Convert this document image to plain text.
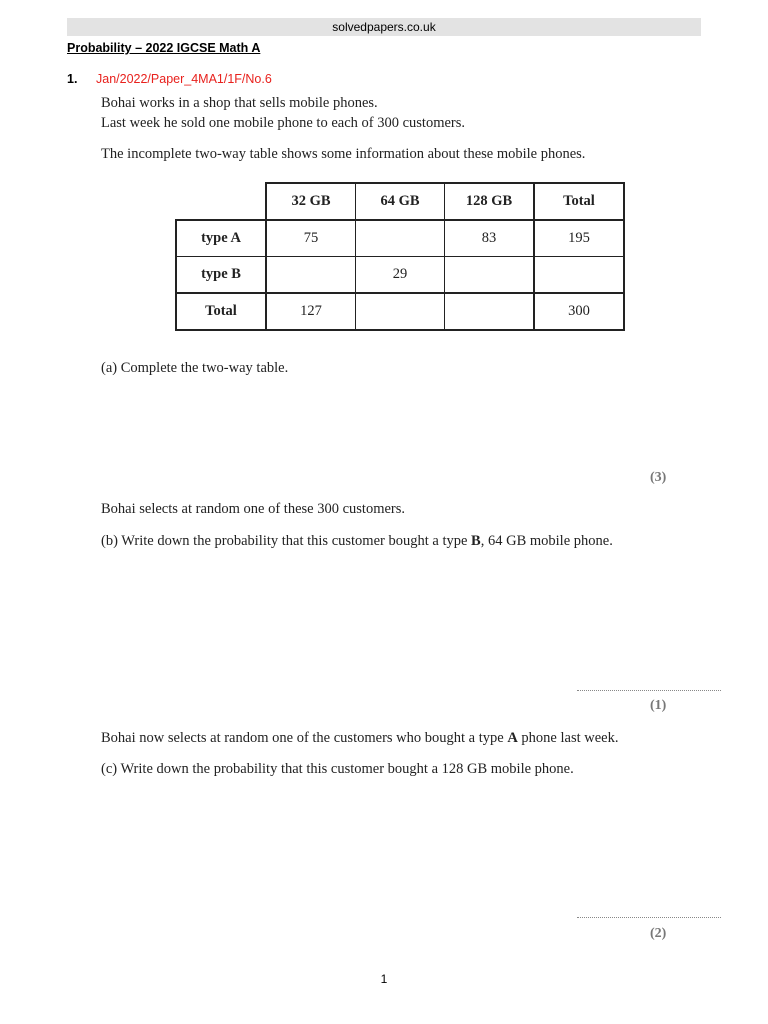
solvedpapers.co.uk
Probability – 2022 IGCSE Math A
1. Jan/2022/Paper_4MA1/1F/No.6
Bohai works in a shop that sells mobile phones.
Last week he sold one mobile phone to each of 300 customers.
The incomplete two-way table shows some information about these mobile phones.
	32 GB	64 GB	128 GB	Total
type A	75		83	195
type B		29		
Total	127			300
(a) Complete the two-way table.
(3)
Bohai selects at random one of these 300 customers.
(b) Write down the probability that this customer bought a type B, 64 GB mobile phone.
(1)
Bohai now selects at random one of the customers who bought a type A phone last week.
(c) Write down the probability that this customer bought a 128 GB mobile phone.
(2)
1
